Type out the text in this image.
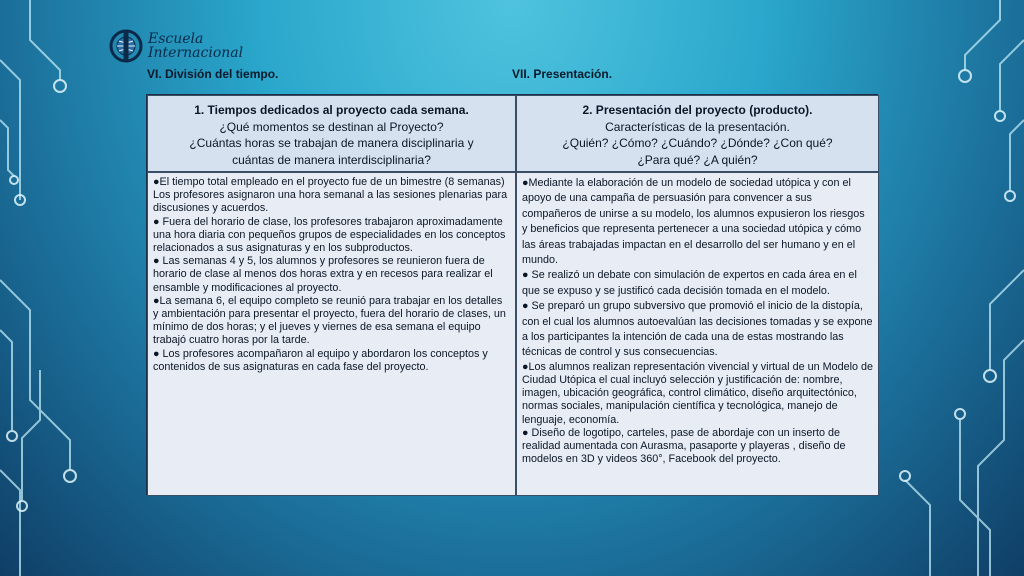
Escuela
Internacional
VI. División del tiempo.	VII. Presentación.
1. Tiempos dedicados al proyecto cada semana.
¿Qué momentos se destinan al Proyecto?
¿Cuántas horas se trabajan de manera disciplinaria y
cuántas de manera interdisciplinaria?
2. Presentación del proyecto (producto).
Características de la presentación.
¿Quién? ¿Cómo? ¿Cuándo? ¿Dónde? ¿Con qué?
¿Para qué? ¿A quién?

●El tiempo total empleado en el proyecto fue de un bimestre (8 semanas) Los profesores asignaron una hora semanal a las sesiones plenarias para discusiones y acuerdos.

● Fuera del horario de clase, los profesores trabajaron aproximadamente una hora diaria con pequeños grupos de especialidades en los conceptos relacionados a sus asignaturas y en los subproductos.

● Las semanas 4 y 5, los alumnos y profesores se reunieron fuera de horario de clase al menos dos horas extra y en recesos para realizar el ensamble y modificaciones al proyecto.

●La semana 6, el equipo completo se reunió para trabajar en los detalles y ambientación para presentar el proyecto, fuera del horario de clases, un mínimo de dos horas; y el jueves y viernes de esa semana el equipo trabajó cuatro horas por la tarde.

● Los profesores acompañaron al equipo y abordaron los conceptos y contenidos de sus asignaturas en cada fase del proyecto.

●Mediante la elaboración de un modelo de sociedad utópica y con el apoyo de una campaña de persuasión para convencer a sus compañeros de unirse a su modelo, los alumnos expusieron los riesgos y beneficios que representa pertenecer a una sociedad utópica y cómo las áreas trabajadas impactan en el desarrollo del ser humano y en el mundo.

● Se realizó un debate con simulación de expertos en cada área en el que se expuso y se justificó cada decisión tomada en el modelo.

● Se preparó un grupo subversivo que promovió el inicio de la distopía, con el cual los alumnos autoevalúan las decisiones tomadas y se expone a los participantes la intención de cada una de estas mostrando las técnicas de control y sus consecuencias.

●Los alumnos realizan representación vivencial y virtual de un Modelo de Ciudad Utópica el cual incluyó selección y justificación de: nombre, imagen, ubicación geográfica, control climático, diseño arquitectónico, normas sociales, manipulación científica y tecnológica, manejo de lenguaje, economía.

● Diseño de logotipo, carteles, pase de abordaje con un inserto de realidad aumentada con Aurasma, pasaporte y playeras , diseño de modelos en 3D y videos 360°, Facebook del proyecto.
